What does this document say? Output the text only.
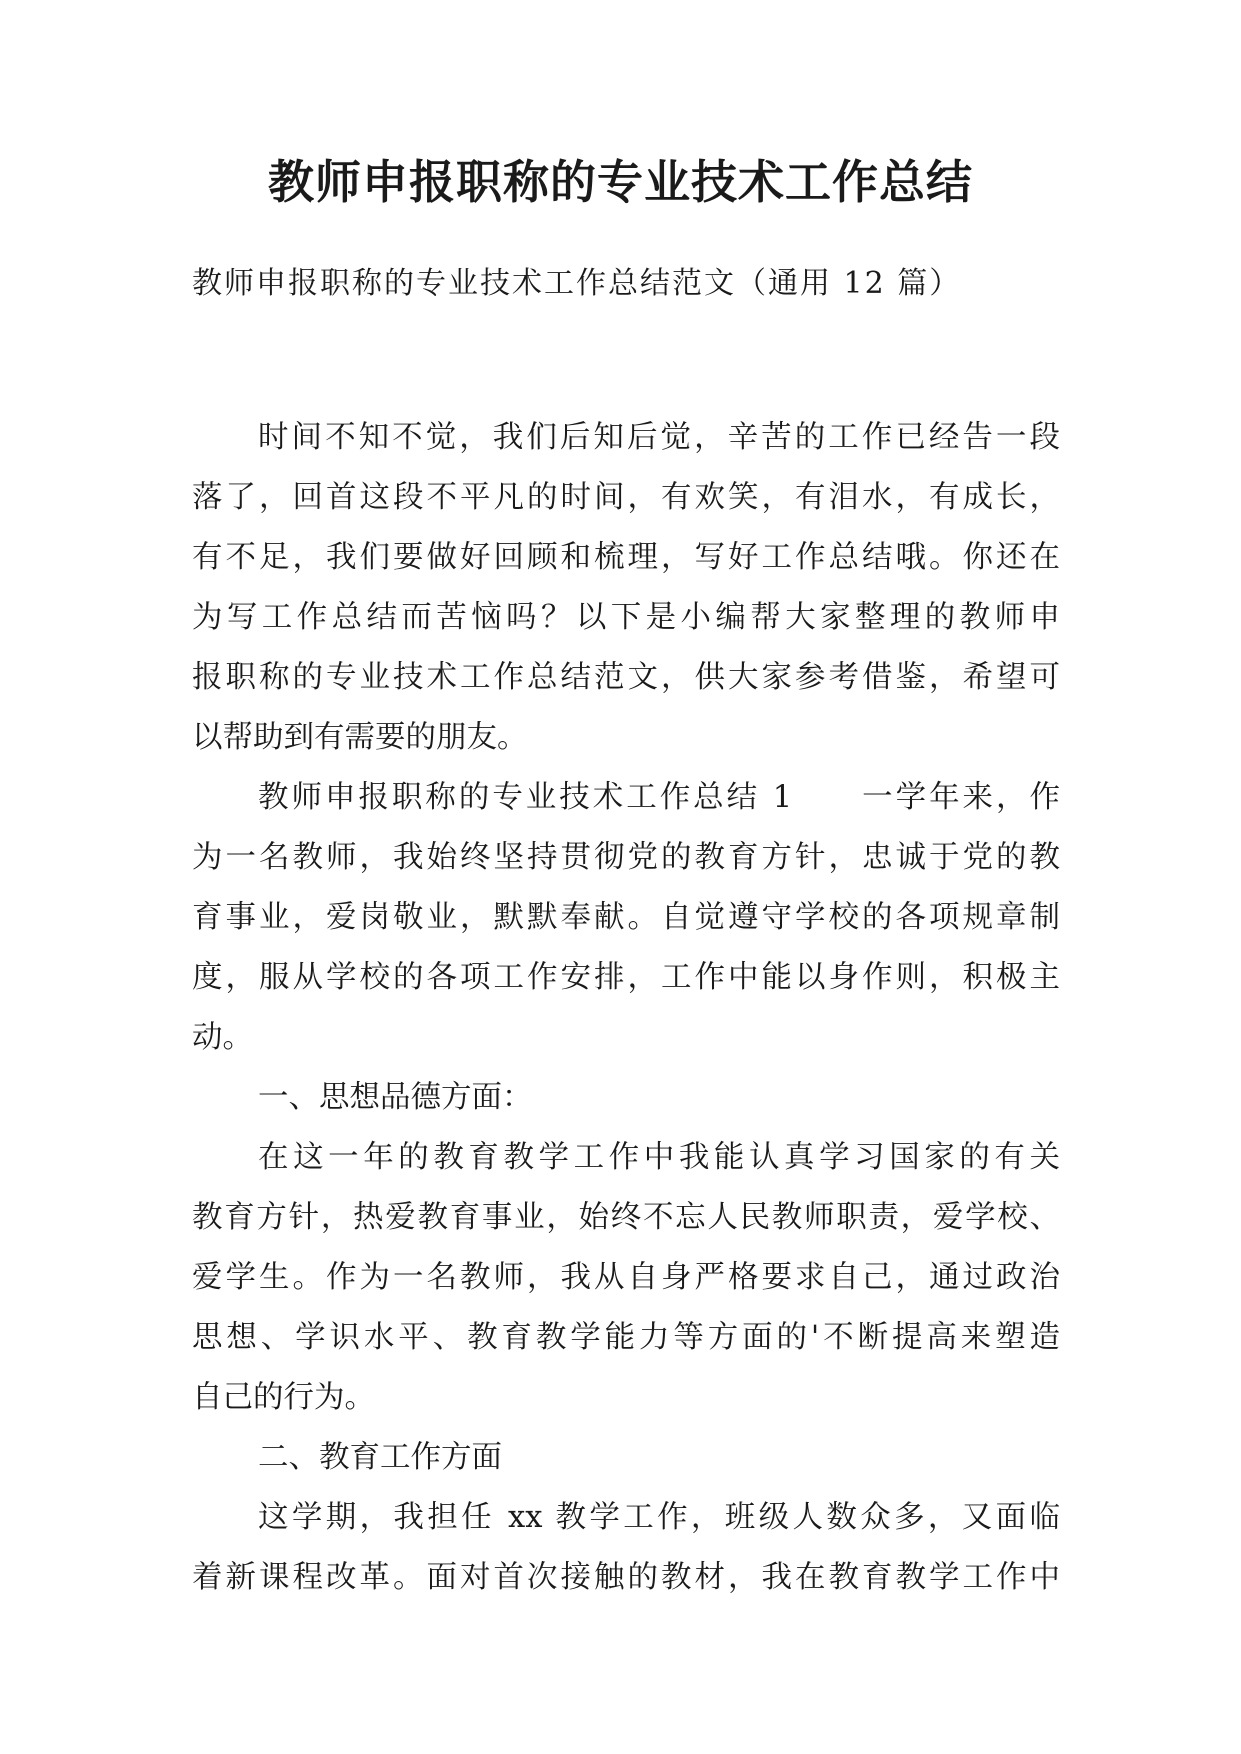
教师申报职称的专业技术工作总结
教师申报职称的专业技术工作总结范文（通用 12 篇）
时间不知不觉，我们后知后觉，辛苦的工作已经告一段
落了，回首这段不平凡的时间，有欢笑，有泪水，有成长，
有不足，我们要做好回顾和梳理，写好工作总结哦。你还在
为写工作总结而苦恼吗？以下是小编帮大家整理的教师申
报职称的专业技术工作总结范文，供大家参考借鉴，希望可
以帮助到有需要的朋友。
教师申报职称的专业技术工作总结 1　　一学年来，作
为一名教师，我始终坚持贯彻党的教育方针，忠诚于党的教
育事业，爱岗敬业，默默奉献。自觉遵守学校的各项规章制
度，服从学校的各项工作安排，工作中能以身作则，积极主
动。
一、思想品德方面：
在这一年的教育教学工作中我能认真学习国家的有关
教育方针，热爱教育事业，始终不忘人民教师职责，爱学校、
爱学生。作为一名教师，我从自身严格要求自己，通过政治
思想、学识水平、教育教学能力等方面的'不断提高来塑造
自己的行为。
二、教育工作方面
这学期，我担任 xx 教学工作，班级人数众多，又面临
着新课程改革。面对首次接触的教材，我在教育教学工作中
